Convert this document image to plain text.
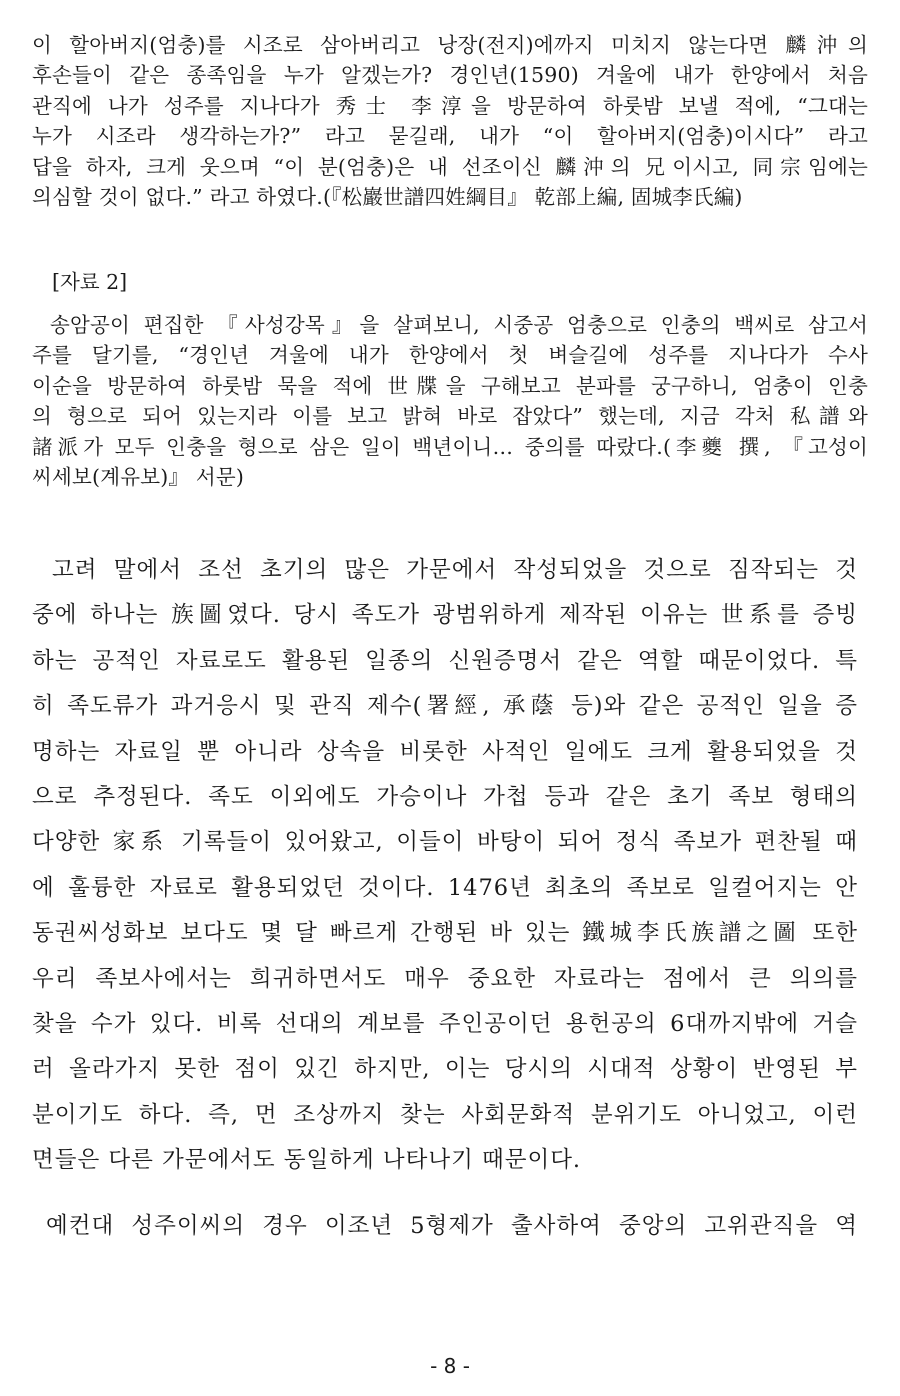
이 할아버지(엄충)를 시조로 삼아버리고 낭장(전지)에까지 미치지 않는다면 麟沖의
후손들이 같은 종족임을 누가 알겠는가? 경인년(1590) 겨울에 내가 한양에서 처음
관직에 나가 성주를 지나다가 秀士 李淳을 방문하여 하룻밤 보낼 적에, “그대는
누가 시조라 생각하는가?” 라고 묻길래, 내가 “이 할아버지(엄충)이시다” 라고
답을 하자, 크게 웃으며 “이 분(엄충)은 내 선조이신 麟沖의 兄이시고, 同宗임에는
의심할 것이 없다.” 라고 하였다.(『松巖世譜四姓綱目』 乾部上編, 固城李氏編)
[자료 2]
송암공이 편집한 『사성강목』을 살펴보니, 시중공 엄충으로 인충의 백씨로 삼고서
주를 달기를, “경인년 겨울에 내가 한양에서 첫 벼슬길에 성주를 지나다가 수사
이순을 방문하여 하룻밤 묵을 적에 世牒을 구해보고 분파를 궁구하니, 엄충이 인충
의 형으로 되어 있는지라 이를 보고 밝혀 바로 잡았다” 했는데, 지금 각처 私譜와
諸派가 모두 인충을 형으로 삼은 일이 백년이니… 중의를 따랐다.(李夔 撰, 『고성이
씨세보(계유보)』 서문)
고려 말에서 조선 초기의 많은 가문에서 작성되었을 것으로 짐작되는 것
중에 하나는 族圖였다. 당시 족도가 광범위하게 제작된 이유는 世系를 증빙
하는 공적인 자료로도 활용된 일종의 신원증명서 같은 역할 때문이었다. 특
히 족도류가 과거응시 및 관직 제수(署經, 承蔭 등)와 같은 공적인 일을 증
명하는 자료일 뿐 아니라 상속을 비롯한 사적인 일에도 크게 활용되었을 것
으로 추정된다. 족도 이외에도 가승이나 가첩 등과 같은 초기 족보 형태의
다양한 家系 기록들이 있어왔고, 이들이 바탕이 되어 정식 족보가 편찬될 때
에 훌륭한 자료로 활용되었던 것이다. 1476년 최초의 족보로 일컬어지는 안
동권씨성화보 보다도 몇 달 빠르게 간행된 바 있는 鐵城李氏族譜之圖 또한
우리 족보사에서는 희귀하면서도 매우 중요한 자료라는 점에서 큰 의의를
찾을 수가 있다. 비록 선대의 계보를 주인공이던 용헌공의 6대까지밖에 거슬
러 올라가지 못한 점이 있긴 하지만, 이는 당시의 시대적 상황이 반영된 부
분이기도 하다. 즉, 먼 조상까지 찾는 사회문화적 분위기도 아니었고, 이런
면들은 다른 가문에서도 동일하게 나타나기 때문이다.
예컨대 성주이씨의 경우 이조년 5형제가 출사하여 중앙의 고위관직을 역
- 8 -
